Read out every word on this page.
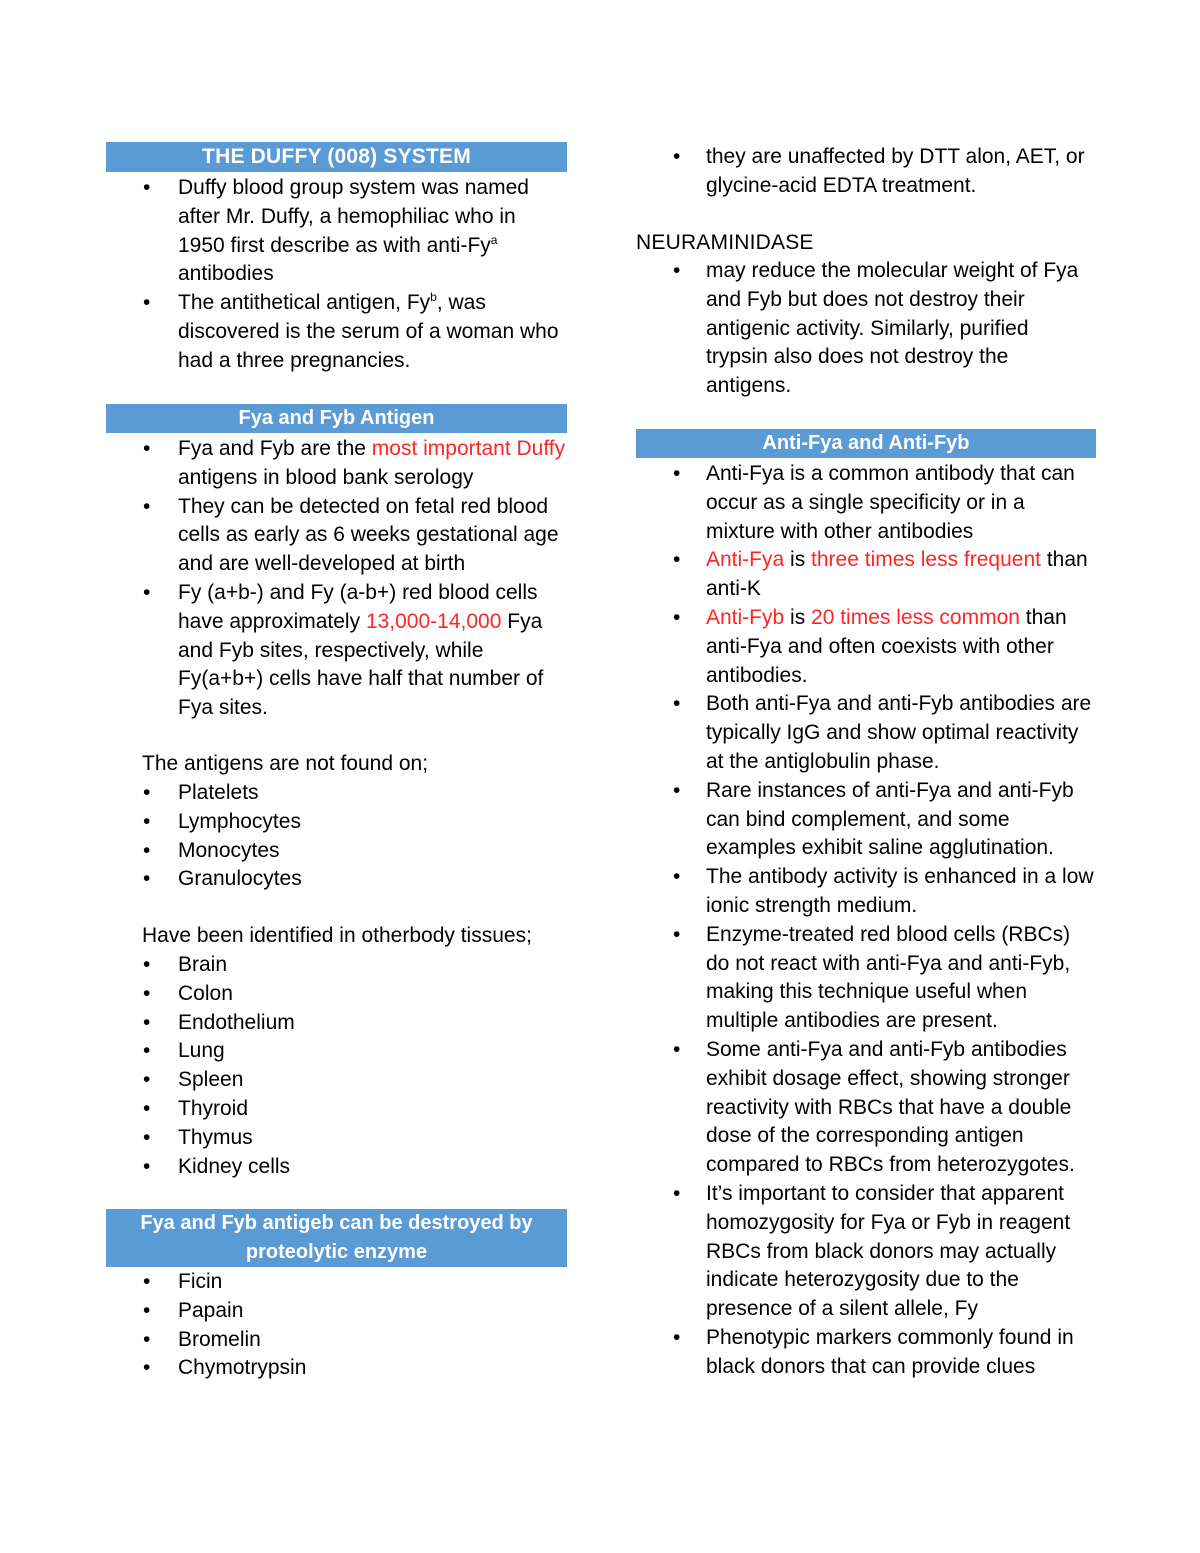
THE DUFFY (008) SYSTEM
• Duffy blood group system was named after Mr. Duffy, a hemophiliac who in 1950 first describe as with anti-Fy$^a$ antibodies
• The antithetical antigen, Fy$^b$, was discovered is the serum of a woman who had a three pregnancies.
Fya and Fyb Antigen
• Fya and Fyb are the most important Duffy antigens in blood bank serology
• They can be detected on fetal red blood cells as early as 6 weeks gestational age and are well-developed at birth
• Fy (a+b-) and Fy (a-b+) red blood cells have approximately 13,000-14,000 Fya and Fyb sites, respectively, while Fy(a+b+) cells have half that number of Fya sites.
The antigens are not found on;
• Platelets
• Lymphocytes
• Monocytes
• Granulocytes
Have been identified in otherbody tissues;
• Brain
• Colon
• Endothelium
• Lung
• Spleen
• Thyroid
• Thymus
• Kidney cells
Fya and Fyb antigeb can be destroyed by proteolytic enzyme
• Ficin
• Papain
• Bromelin
• Chymotrypsin
• they are unaffected by DTT alon, AET, or glycine-acid EDTA treatment.
NEURAMINIDASE
• may reduce the molecular weight of Fya and Fyb but does not destroy their antigenic activity. Similarly, purified trypsin also does not destroy the antigens.
Anti-Fya and Anti-Fyb
• Anti-Fya is a common antibody that can occur as a single specificity or in a mixture with other antibodies
• Anti-Fya is three times less frequent than anti-K
• Anti-Fyb is 20 times less common than anti-Fya and often coexists with other antibodies.
• Both anti-Fya and anti-Fyb antibodies are typically IgG and show optimal reactivity at the antiglobulin phase.
• Rare instances of anti-Fya and anti-Fyb can bind complement, and some examples exhibit saline agglutination.
• The antibody activity is enhanced in a low ionic strength medium.
• Enzyme-treated red blood cells (RBCs) do not react with anti-Fya and anti-Fyb, making this technique useful when multiple antibodies are present.
• Some anti-Fya and anti-Fyb antibodies exhibit dosage effect, showing stronger reactivity with RBCs that have a double dose of the corresponding antigen compared to RBCs from heterozygotes.
• It’s important to consider that apparent homozygosity for Fya or Fyb in reagent RBCs from black donors may actually indicate heterozygosity due to the presence of a silent allele, Fy
• Phenotypic markers commonly found in black donors that can provide clues
